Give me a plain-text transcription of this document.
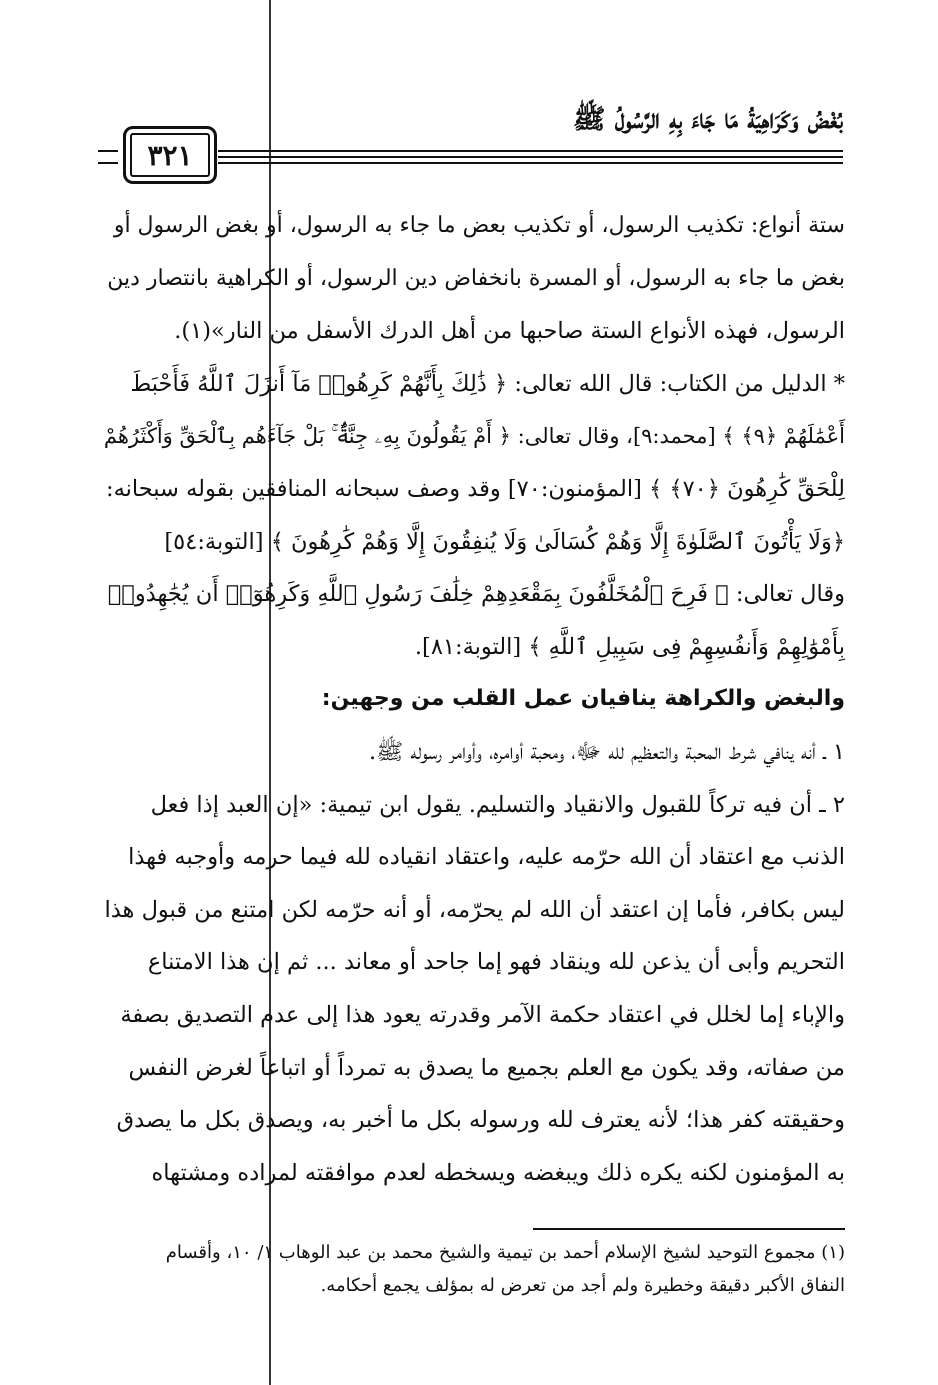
بُغْضُ وَكَرَاهِيَةُ مَا جَاءَ بِهِ الرَّسُولُ ﷺ
٣٢١
ستة أنواع: تكذيب الرسول، أو تكذيب بعض ما جاء به الرسول، أو بغض الرسول أو
بغض ما جاء به الرسول، أو المسرة بانخفاض دين الرسول، أو الكراهية بانتصار دين
الرسول، فهذه الأنواع الستة صاحبها من أهل الدرك الأسفل من النار»(١).
* الدليل من الكتاب: قال الله تعالى: ﴿ ذَٰلِكَ بِأَنَّهُمْ كَرِهُوا۟ مَآ أَنزَلَ ٱللَّهُ فَأَحْبَطَ
أَعْمَٰلَهُمْ ﴿٩﴾ ﴾ [محمد:٩]، وقال تعالى: ﴿ أَمْ يَقُولُونَ بِهِۦ جِنَّةٌۢ ۚ بَلْ جَآءَهُم بِٱلْحَقِّ وَأَكْثَرُهُمْ
لِلْحَقِّ كَٰرِهُونَ ﴿٧٠﴾ ﴾ [المؤمنون:٧٠] وقد وصف سبحانه المنافقين بقوله سبحانه:
﴿وَلَا يَأْتُونَ ٱلصَّلَوٰةَ إِلَّا وَهُمْ كُسَالَىٰ وَلَا يُنفِقُونَ إِلَّا وَهُمْ كَٰرِهُونَ ﴾ [التوبة:٥٤]
وقال تعالى: ﴿ فَرِحَ ٱلْمُخَلَّفُونَ بِمَقْعَدِهِمْ خِلَٰفَ رَسُولِ ٱللَّهِ وَكَرِهُوٓا۟ أَن يُجَٰهِدُوا۟
بِأَمْوَٰلِهِمْ وَأَنفُسِهِمْ فِى سَبِيلِ ٱللَّهِ ﴾ [التوبة:٨١].
والبغض والكراهة ينافيان عمل القلب من وجهين:
١ ـ أنه ينافي شرط المحبة والتعظيم لله ﷻ، ومحبة أوامره، وأوامر رسوله ﷺ.
٢ ـ أن فيه تركاً للقبول والانقياد والتسليم. يقول ابن تيمية: «إن العبد إذا فعل
الذنب مع اعتقاد أن الله حرّمه عليه، واعتقاد انقياده لله فيما حرمه وأوجبه فهذا
ليس بكافر، فأما إن اعتقد أن الله لم يحرّمه، أو أنه حرّمه لكن امتنع من قبول هذا
التحريم وأبى أن يذعن لله وينقاد فهو إما جاحد أو معاند ... ثم إن هذا الامتناع
والإباء إما لخلل في اعتقاد حكمة الآمر وقدرته يعود هذا إلى عدم التصديق بصفة
من صفاته، وقد يكون مع العلم بجميع ما يصدق به تمرداً أو اتباعاً لغرض النفس
وحقيقته كفر هذا؛ لأنه يعترف لله ورسوله بكل ما أخبر به، ويصدق بكل ما يصدق
به المؤمنون لكنه يكره ذلك ويبغضه ويسخطه لعدم موافقته لمراده ومشتهاه
(١) مجموع التوحيد لشيخ الإسلام أحمد بن تيمية والشيخ محمد بن عبد الوهاب ١/ ١٠، وأقسام
النفاق الأكبر دقيقة وخطيرة ولم أجد من تعرض له بمؤلف يجمع أحكامه.
